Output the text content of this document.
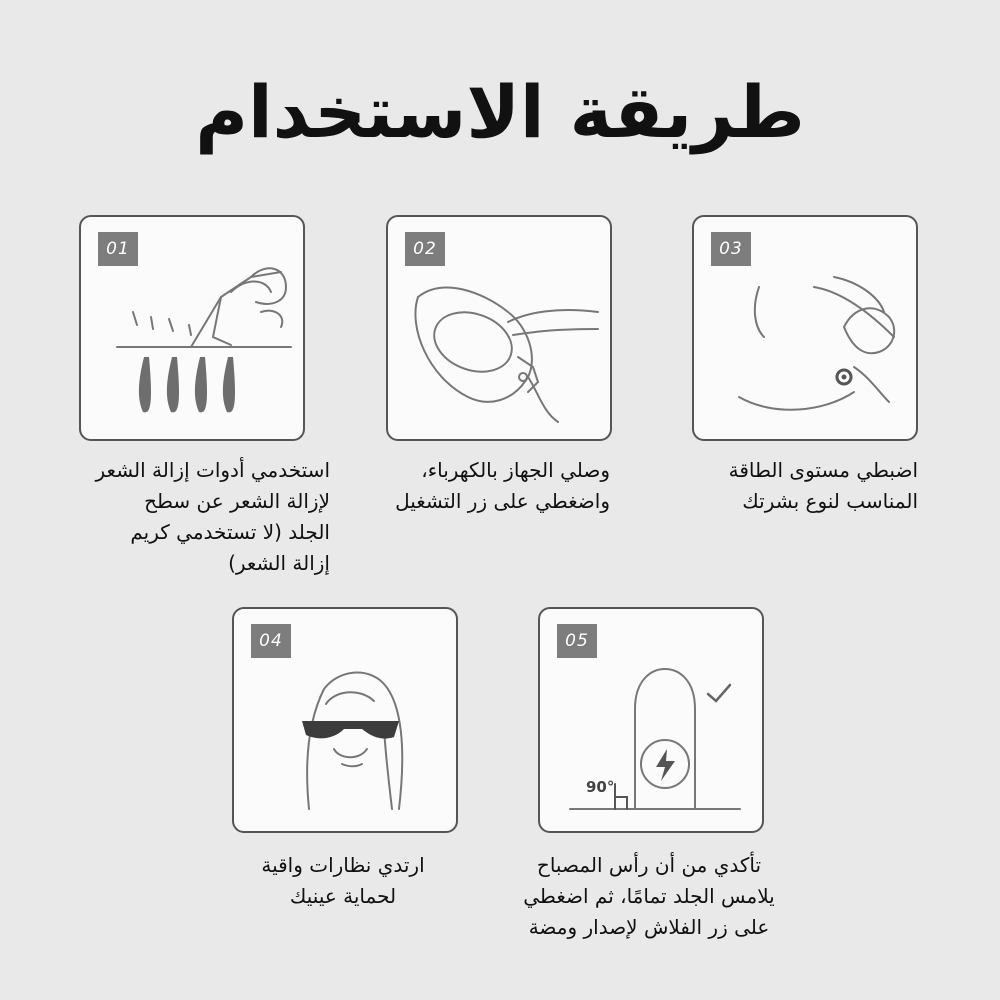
طريقة الاستخدام
01
استخدمي أدوات إزالة الشعر
لإزالة الشعر عن سطح
الجلد (لا تستخدمي كريم
إزالة الشعر)
02
وصلي الجهاز بالكهرباء،
واضغطي على زر التشغيل
03
اضبطي مستوى الطاقة
المناسب لنوع بشرتك
04
ارتدي نظارات واقية
لحماية عينيك
90°
05
تأكدي من أن رأس المصباح
يلامس الجلد تمامًا، ثم اضغطي
على زر الفلاش لإصدار ومضة
